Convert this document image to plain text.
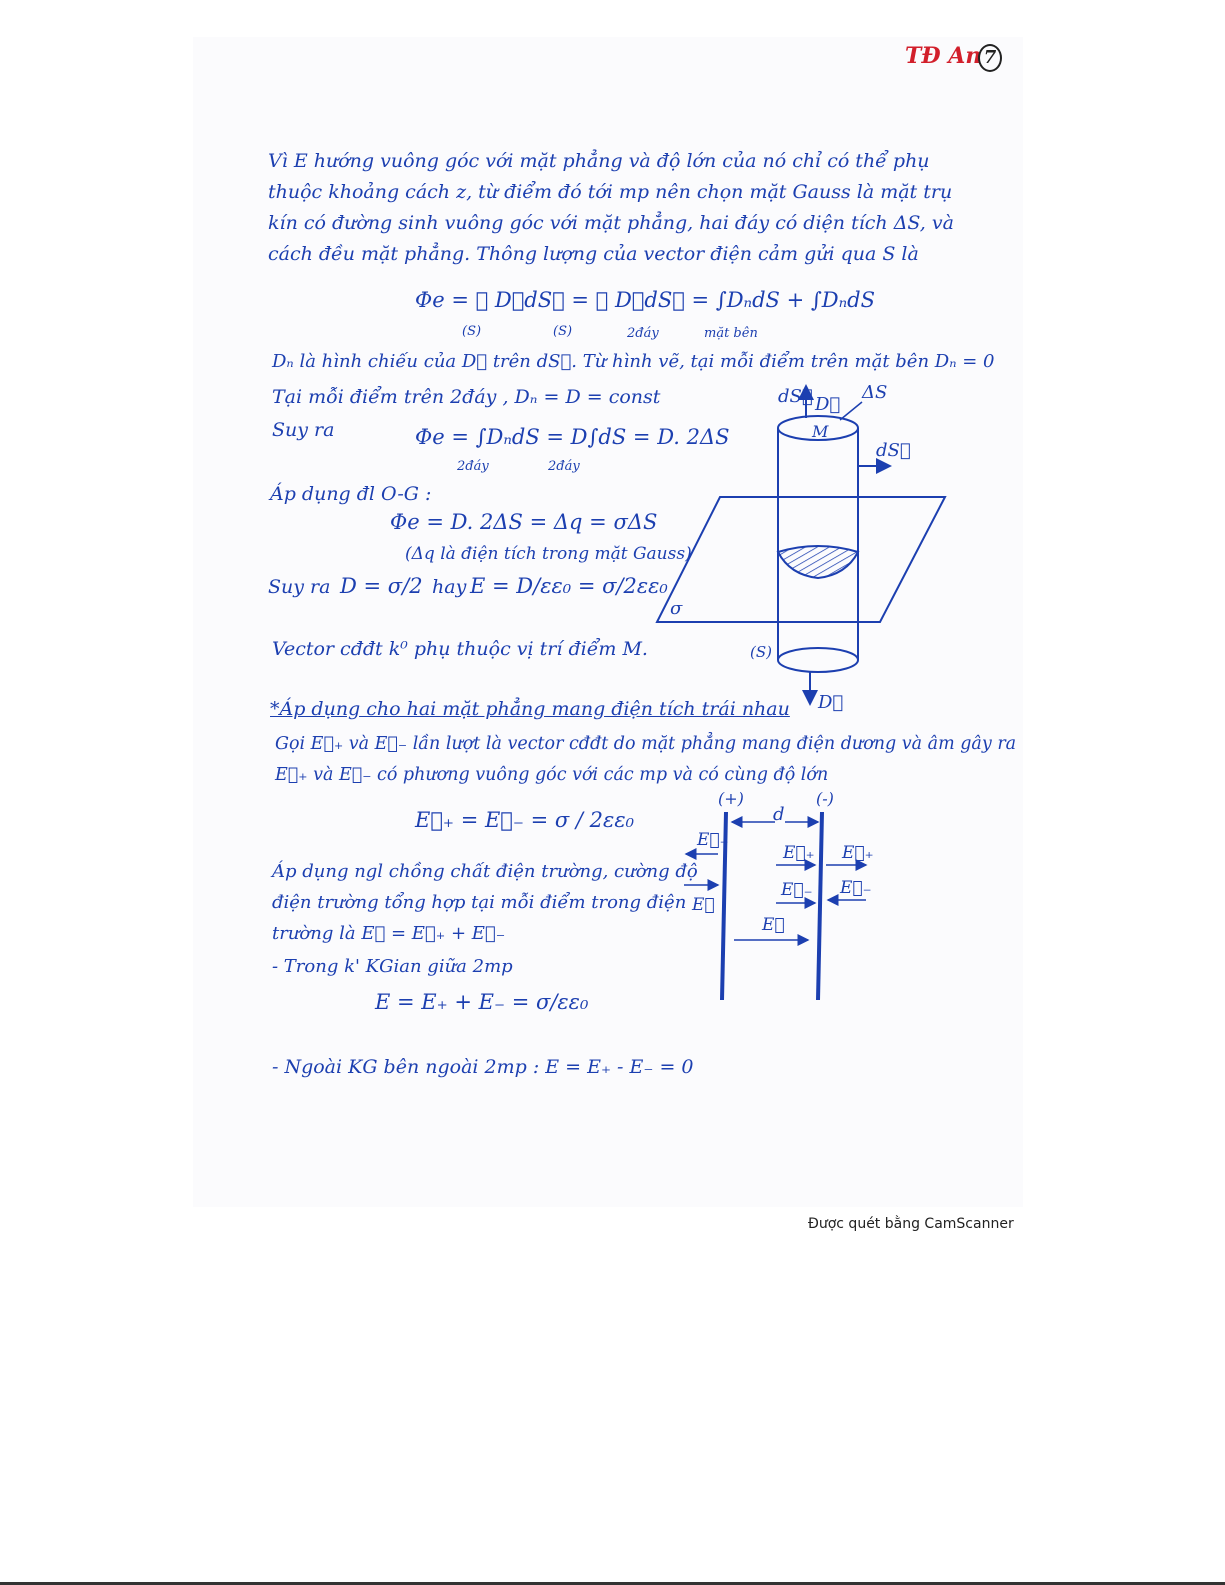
TĐ An 7
Vì E hướng vuông góc với mặt phẳng và độ lớn của nó chỉ có thể phụ thuộc khoảng cách z, từ điểm đó tới mp nên chọn mặt Gauss là mặt trụ kín có đường sinh vuông góc với mặt phẳng, hai đáy có diện tích ΔS, và cách đều mặt phẳng. Thông lượng của vector điện cảm gửi qua S là
Φe = ∮ D⃗dS⃗ = ∮ D⃗dS⃗ = ∫DₙdS + ∫DₙdS
(S)	(S)	2đáy	mặt bên
Dₙ là hình chiếu của D⃗ trên dS⃗. Từ hình vẽ, tại mỗi điểm trên mặt bên Dₙ = 0
Tại mỗi điểm trên 2đáy , Dₙ = D = const
Suy ra	Φe = ∫DₙdS = D∫dS = D. 2ΔS
2đáy	2đáy
Áp dụng đl O-G :
Φe = D. 2ΔS = Δq = σΔS
(Δq là điện tích trong mặt Gauss)
Suy ra D = σ/2 hay E = D/εε₀ = σ/2εε₀
Vector cđđt k⁰ phụ thuộc vị trí điểm M.
*Áp dụng cho hai mặt phẳng mang điện tích trái nhau
Gọi E⃗₊ và E⃗₋ lần lượt là vector cđđt do mặt phẳng mang điện dương và âm gây ra
E⃗₊ và E⃗₋ có phương vuông góc với các mp và có cùng độ lớn
E⃗₊ = E⃗₋ = σ / 2εε₀
Áp dụng ngl chồng chất điện trường, cường độ
điện trường tổng hợp tại mỗi điểm trong điện
trường là E⃗ = E⃗₊ + E⃗₋
- Trong k' KGian giữa 2mp
E = E₊ + E₋ = σ/εε₀
- Ngoài KG bên ngoài 2mp : E = E₊ - E₋ = 0
dS⃗ D⃗
ΔS
M
dS⃗
σ
(S)
D⃗
(+)	(-)
d
E⃗₊
E⃗
E⃗₊
E⃗₋
E⃗
E⃗₊
E⃗₋
Được quét bằng CamScanner
